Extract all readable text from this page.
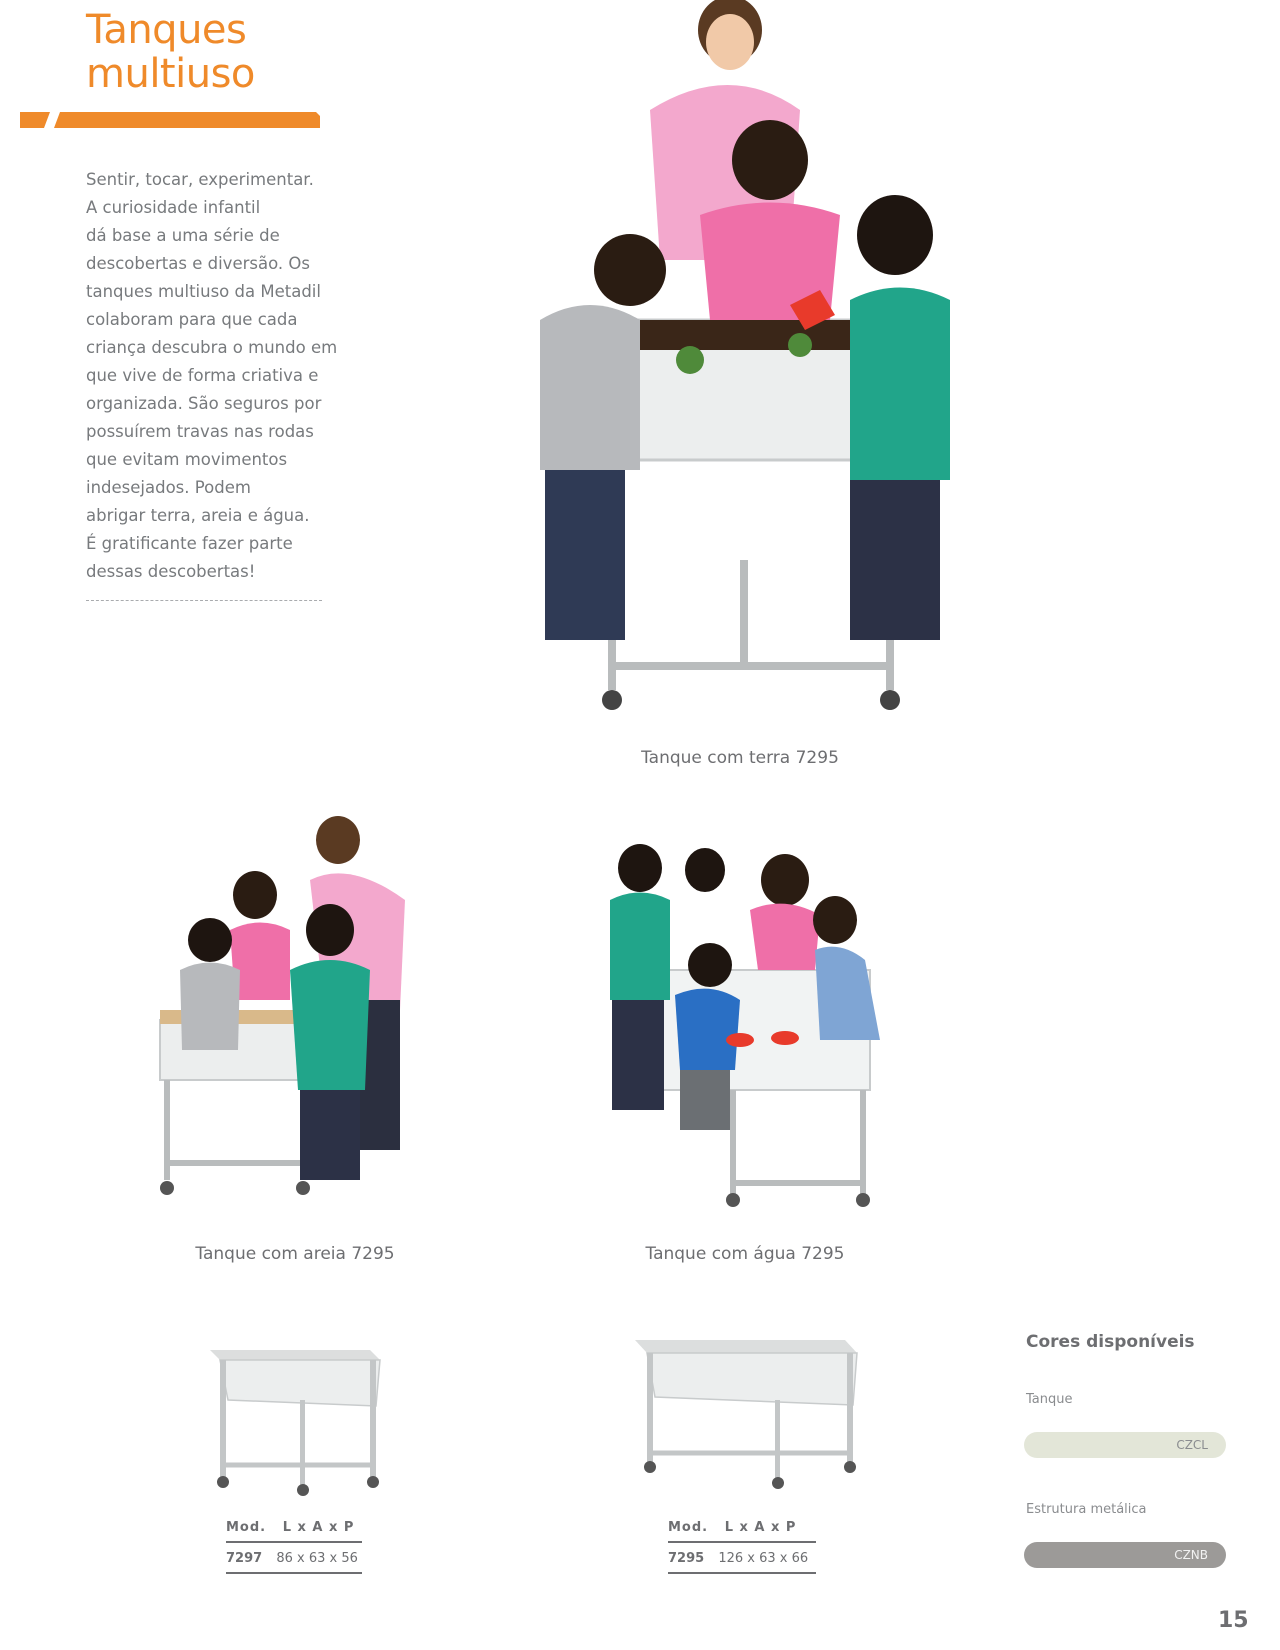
Tanques
multiuso
Sentir, tocar, experimentar.
A curiosidade infantil
dá base a uma série de
descobertas e diversão. Os
tanques multiuso da Metadil
colaboram para que cada
criança descubra o mundo em
que vive de forma criativa e
organizada. São seguros por
possuírem travas nas rodas
que evitam movimentos
indesejados. Podem
abrigar terra, areia e água.
É gratificante fazer parte
dessas descobertas!
Tanque com terra 7295
Tanque com areia 7295	Tanque com água 7295
Mod. L x A x P
7297 86 x 63 x 56
Mod. L x A x P
7295 126 x 63 x 66
Cores disponíveis
Tanque
CZCL
Estrutura metálica
CZNB
15
